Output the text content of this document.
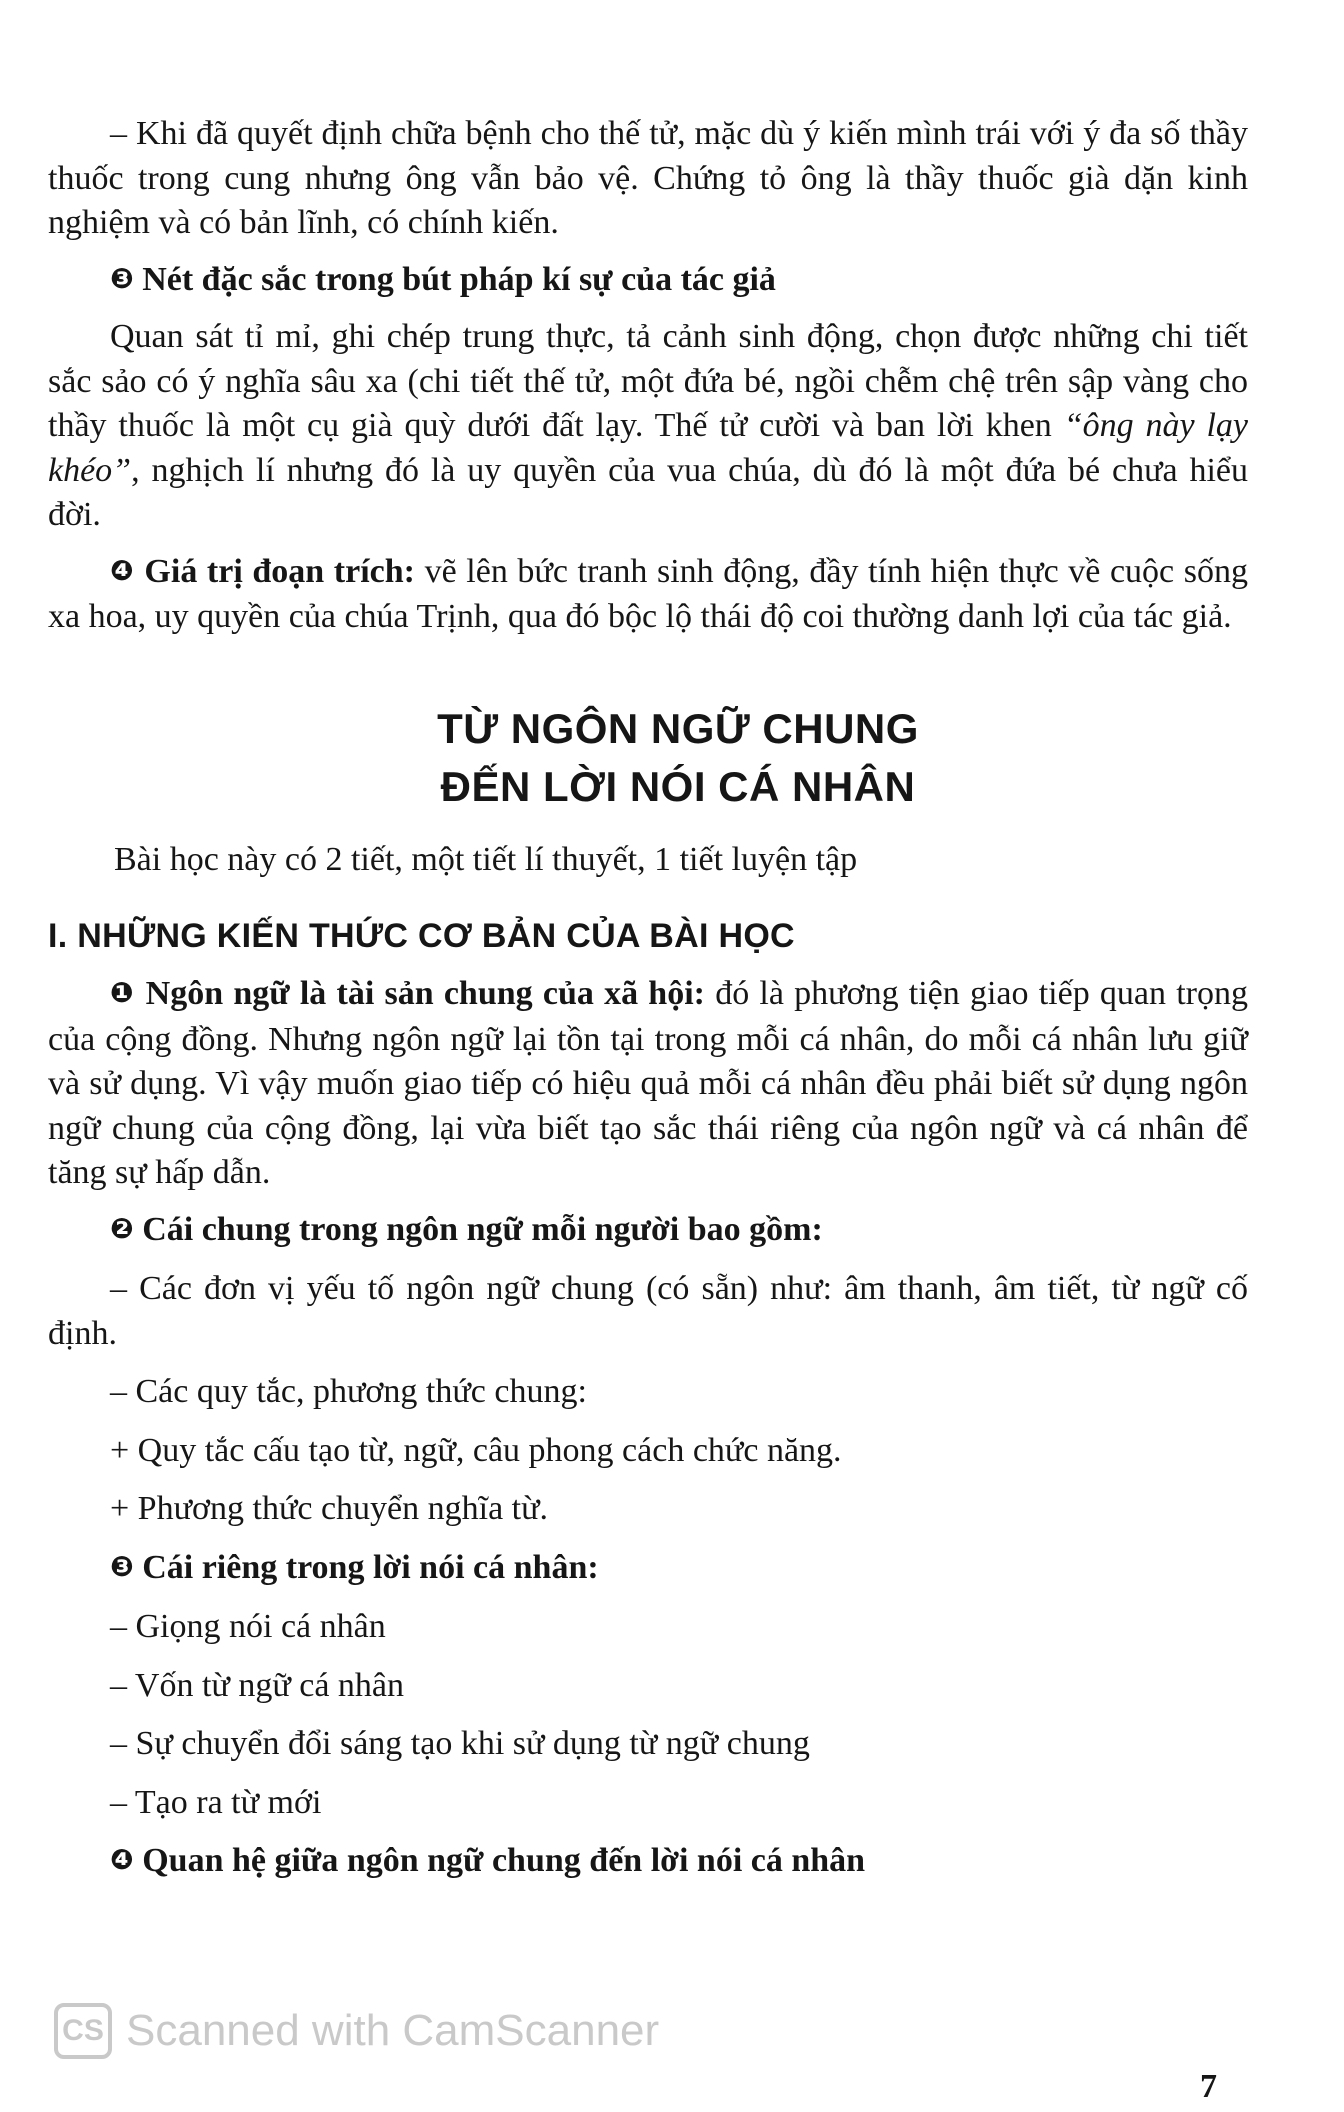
– Khi đã quyết định chữa bệnh cho thế tử, mặc dù ý kiến mình trái với ý đa số thầy thuốc trong cung nhưng ông vẫn bảo vệ. Chứng tỏ ông là thầy thuốc già dặn kinh nghiệm và có bản lĩnh, có chính kiến.

❸ Nét đặc sắc trong bút pháp kí sự của tác giả

Quan sát tỉ mỉ, ghi chép trung thực, tả cảnh sinh động, chọn được những chi tiết sắc sảo có ý nghĩa sâu xa (chi tiết thế tử, một đứa bé, ngồi chễm chệ trên sập vàng cho thầy thuốc là một cụ già quỳ dưới đất lạy. Thế tử cười và ban lời khen “ông này lạy khéo”, nghịch lí nhưng đó là uy quyền của vua chúa, dù đó là một đứa bé chưa hiểu đời.

❹ Giá trị đoạn trích: vẽ lên bức tranh sinh động, đầy tính hiện thực về cuộc sống xa hoa, uy quyền của chúa Trịnh, qua đó bộc lộ thái độ coi thường danh lợi của tác giả.

TỪ NGÔN NGỮ CHUNG
ĐẾN LỜI NÓI CÁ NHÂN

Bài học này có 2 tiết, một tiết lí thuyết, 1 tiết luyện tập

I. NHỮNG KIẾN THỨC CƠ BẢN CỦA BÀI HỌC

❶ Ngôn ngữ là tài sản chung của xã hội: đó là phương tiện giao tiếp quan trọng của cộng đồng. Nhưng ngôn ngữ lại tồn tại trong mỗi cá nhân, do mỗi cá nhân lưu giữ và sử dụng. Vì vậy muốn giao tiếp có hiệu quả mỗi cá nhân đều phải biết sử dụng ngôn ngữ chung của cộng đồng, lại vừa biết tạo sắc thái riêng của ngôn ngữ và cá nhân để tăng sự hấp dẫn.

❷ Cái chung trong ngôn ngữ mỗi người bao gồm:

– Các đơn vị yếu tố ngôn ngữ chung (có sẵn) như: âm thanh, âm tiết, từ ngữ cố định.

– Các quy tắc, phương thức chung:

+ Quy tắc cấu tạo từ, ngữ, câu phong cách chức năng.

+ Phương thức chuyển nghĩa từ.

❸ Cái riêng trong lời nói cá nhân:

– Giọng nói cá nhân

– Vốn từ ngữ cá nhân

– Sự chuyển đổi sáng tạo khi sử dụng từ ngữ chung

– Tạo ra từ mới

❹ Quan hệ giữa ngôn ngữ chung đến lời nói cá nhân

CS Scanned with CamScanner
7
